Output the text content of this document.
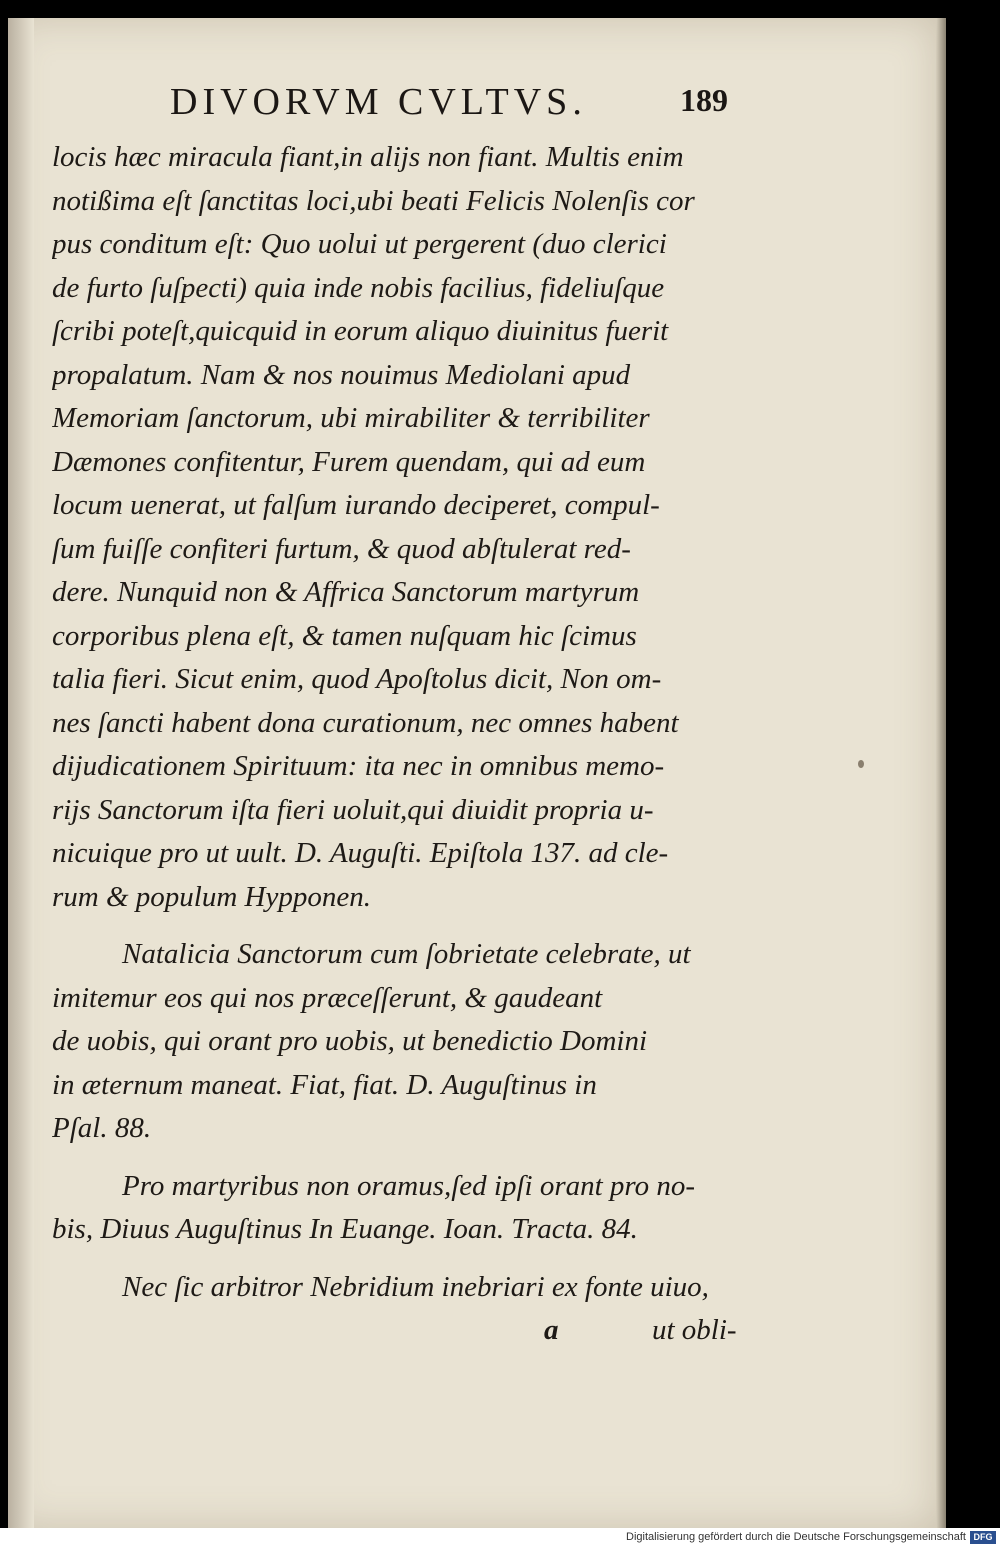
DIVORVM CVLTVS.	189
locis hæc miracula fiant,in alijs non fiant. Multis enim
notißima eſt ſanctitas loci,ubi beati Felicis Nolenſis cor
pus conditum eſt: Quo uolui ut pergerent (duo clerici
de furto ſuſpecti) quia inde nobis facilius, fideliuſque
ſcribi poteſt,quicquid in eorum aliquo diuinitus fuerit
propalatum. Nam & nos nouimus Mediolani apud
Memoriam ſanctorum, ubi mirabiliter & terribiliter
Dæmones confitentur, Furem quendam, qui ad eum
locum uenerat, ut falſum iurando deciperet, compul-
ſum fuiſſe confiteri furtum, & quod abſtulerat red-
dere. Nunquid non & Affrica Sanctorum martyrum
corporibus plena eſt, & tamen nuſquam hic ſcimus
talia fieri. Sicut enim, quod Apoſtolus dicit, Non om-
nes ſancti habent dona curationum, nec omnes habent
dijudicationem Spirituum: ita nec in omnibus memo-
rijs Sanctorum iſta fieri uoluit,qui diuidit propria u-
nicuique pro ut uult. D. Auguſti. Epiſtola 137. ad cle-
rum & populum Hypponen.
Natalicia Sanctorum cum ſobrietate celebrate, ut
imitemur eos qui nos præceſſerunt, & gaudeant
de uobis, qui orant pro uobis, ut benedictio Domini
in æternum maneat. Fiat, fiat. D. Auguſtinus in
Pſal. 88.
Pro martyribus non oramus,ſed ipſi orant pro no-
bis, Diuus Auguſtinus In Euange. Ioan. Tracta. 84.
Nec ſic arbitror Nebridium inebriari ex fonte uiuo,
a	ut obli-
Digitalisierung gefördert durch die Deutsche Forschungsgemeinschaft DFG
